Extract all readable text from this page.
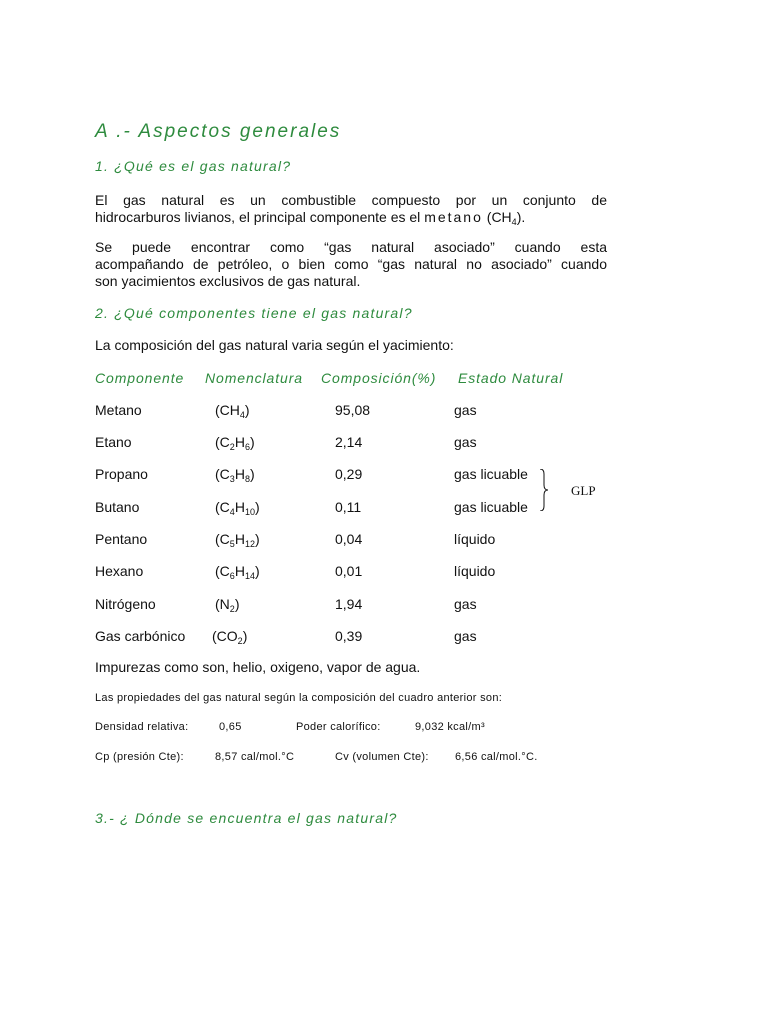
A .- Aspectos generales
1. ¿Qué es el gas natural?
El gas natural es un combustible compuesto por un conjunto de
hidrocarburos livianos, el principal componente es el metano $(CH_4)$.
Se puede encontrar como “gas natural asociado” cuando esta
acompañando de petróleo, o bien como “gas natural no asociado” cuando
son yacimientos exclusivos de gas natural.
2. ¿Qué componentes tiene el gas natural?
La composición del gas natural varia según el yacimiento:
Componente Nomenclatura Composición(%) Estado Natural
Metano	$(CH_4)$	95,08	gas
Etano	$(C_2H_6)$	2,14	gas
Propano	$(C_3H_8)$	0,29	gas licuable
Butano	$(C_4H_{10})$	0,11	gas licuable
Pentano	$(C_5H_{12})$	0,04	líquido
Hexano	$(C_6H_{14})$	0,01	líquido
Nitrógeno	$(N_2)$	1,94	gas
Gas carbónico $(CO_2)$	0,39	gas
GLP
Impurezas como son, helio, oxigeno, vapor de agua.
Las propiedades del gas natural según la composición del cuadro anterior son:
Densidad relativa:	0,65	Poder calorífico:	9,032 kcal/m³
Cp (presión Cte):	8,57 cal/mol.°C	Cv (volumen Cte): 6,56 cal/mol.°C.
3.- ¿ Dónde se encuentra el gas natural?
